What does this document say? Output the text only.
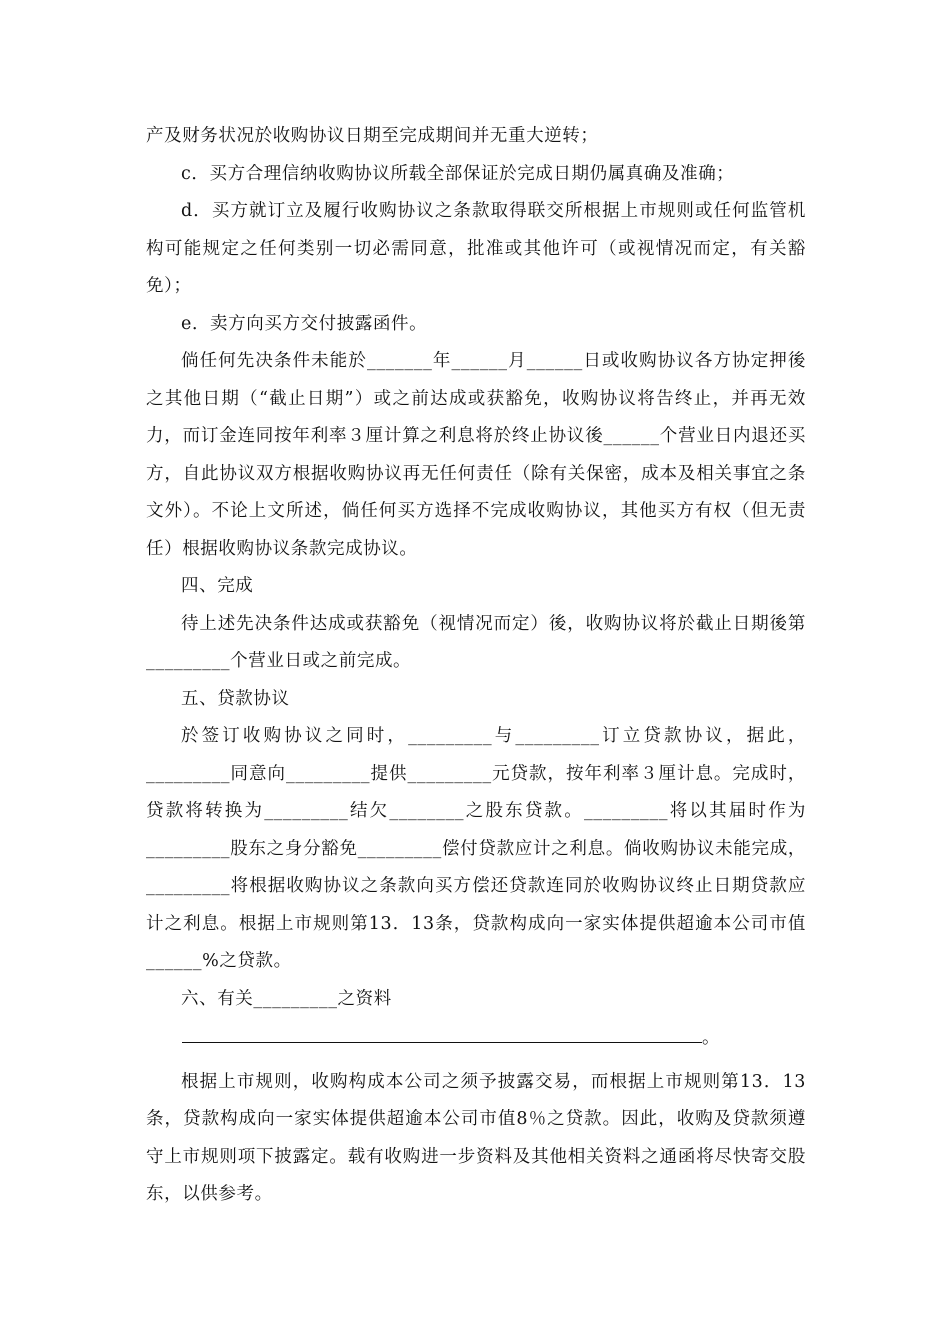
产及财务状况於收购协议日期至完成期间并无重大逆转；

c．买方合理信纳收购协议所载全部保证於完成日期仍属真确及准确；

d．买方就订立及履行收购协议之条款取得联交所根据上市规则或任何监管机构可能规定之任何类别一切必需同意，批准或其他许可（或视情况而定，有关豁免）；

e．卖方向买方交付披露函件。

倘任何先决条件未能於_______年______月______日或收购协议各方协定押後之其他日期（“截止日期”）或之前达成或获豁免，收购协议将告终止，并再无效力，而订金连同按年利率３厘计算之利息将於终止协议後______个营业日内退还买方，自此协议双方根据收购协议再无任何责任（除有关保密，成本及相关事宜之条文外）。不论上文所述，倘任何买方选择不完成收购协议，其他买方有权（但无责任）根据收购协议条款完成协议。

四、完成

待上述先决条件达成或获豁免（视情况而定）後，收购协议将於截止日期後第_________个营业日或之前完成。

五、贷款协议

於签订收购协议之同时，_________与_________订立贷款协议，据此，_________同意向_________提供_________元贷款，按年利率３厘计息。完成时，贷款将转换为_________结欠________之股东贷款。_________将以其届时作为_________股东之身分豁免_________偿付贷款应计之利息。倘收购协议未能完成，_________将根据收购协议之条款向买方偿还贷款连同於收购协议终止日期贷款应计之利息。根据上市规则第13．13条，贷款构成向一家实体提供超逾本公司市值______%之贷款。

六、有关_________之资料

。

根据上市规则，收购构成本公司之须予披露交易，而根据上市规则第13．13条，贷款构成向一家实体提供超逾本公司市值8％之贷款。因此，收购及贷款须遵守上市规则项下披露定。载有收购进一步资料及其他相关资料之通函将尽快寄交股东，以供参考。
